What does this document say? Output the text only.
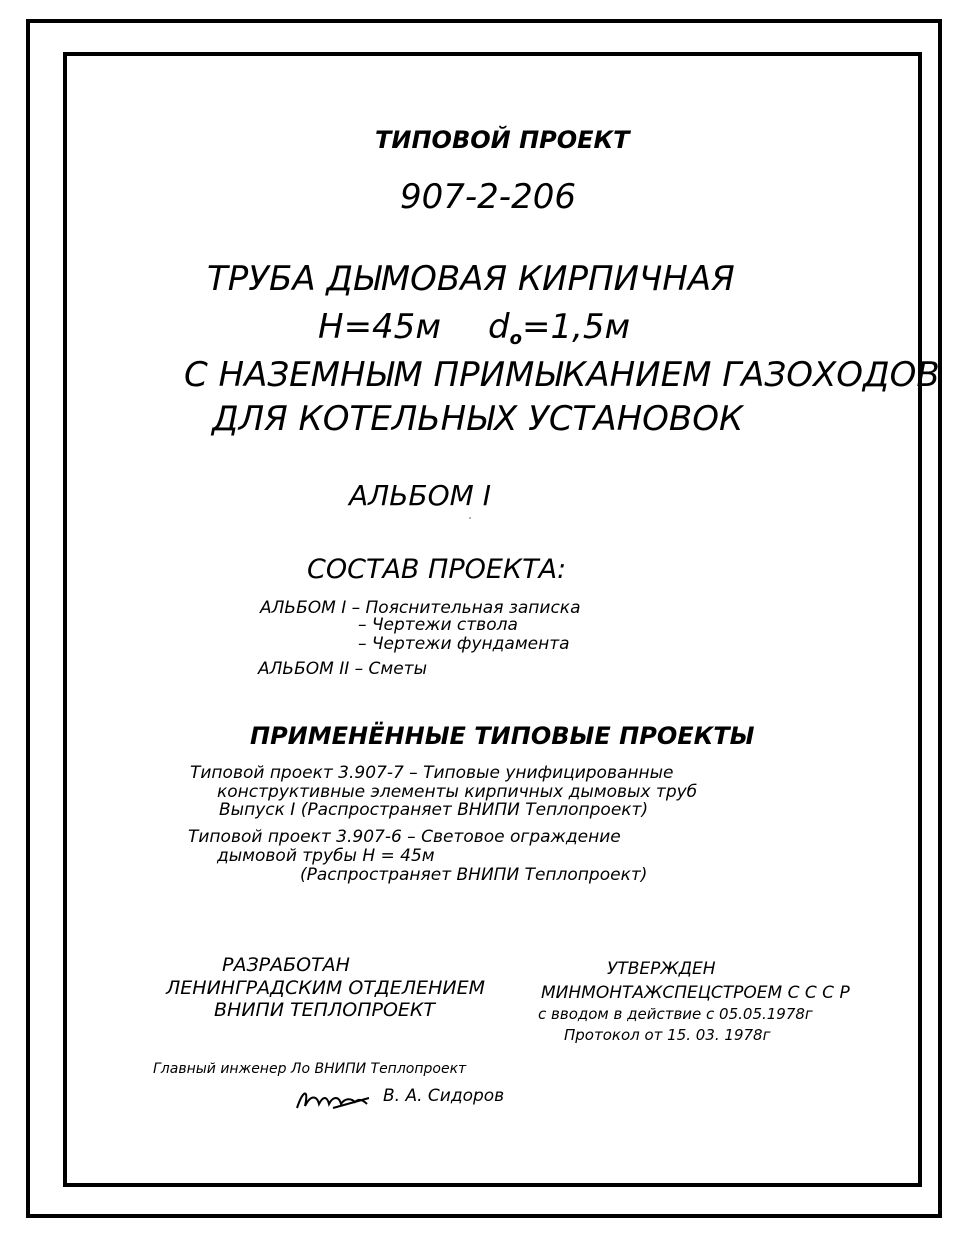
ТИПОВОЙ ПРОЕКТ
907-2-206
ТРУБА ДЫМОВАЯ КИРПИЧНАЯ
Н=45м do=1,5м
С НАЗЕМНЫМ ПРИМЫКАНИЕМ ГАЗОХОДОВ
ДЛЯ КОТЕЛЬНЫХ УСТАНОВОК
АЛЬБОМ I
СОСТАВ ПРОЕКТА:
АЛЬБОМ I – Пояснительная записка
– Чертежи ствола
– Чертежи фундамента
АЛЬБОМ II – Сметы
ПРИМЕНЁННЫЕ ТИПОВЫЕ ПРОЕКТЫ
Типовой проект 3.907-7 – Типовые унифицированные
конструктивные элементы кирпичных дымовых труб
Выпуск I (Распространяет ВНИПИ Теплопроект)
Типовой проект 3.907-6 – Световое ограждение
дымовой трубы Н = 45м
(Распространяет ВНИПИ Теплопроект)
РАЗРАБОТАН
ЛЕНИНГРАДСКИМ ОТДЕЛЕНИЕМ
ВНИПИ ТЕПЛОПРОЕКТ
УТВЕРЖДЕН
МИНМОНТАЖСПЕЦСТРОЕМ С С С Р
с вводом в действие с 05.05.1978г
Протокол от 15. 03. 1978г
Главный инженер Ло ВНИПИ Теплопроект
В. А. Сидоров
